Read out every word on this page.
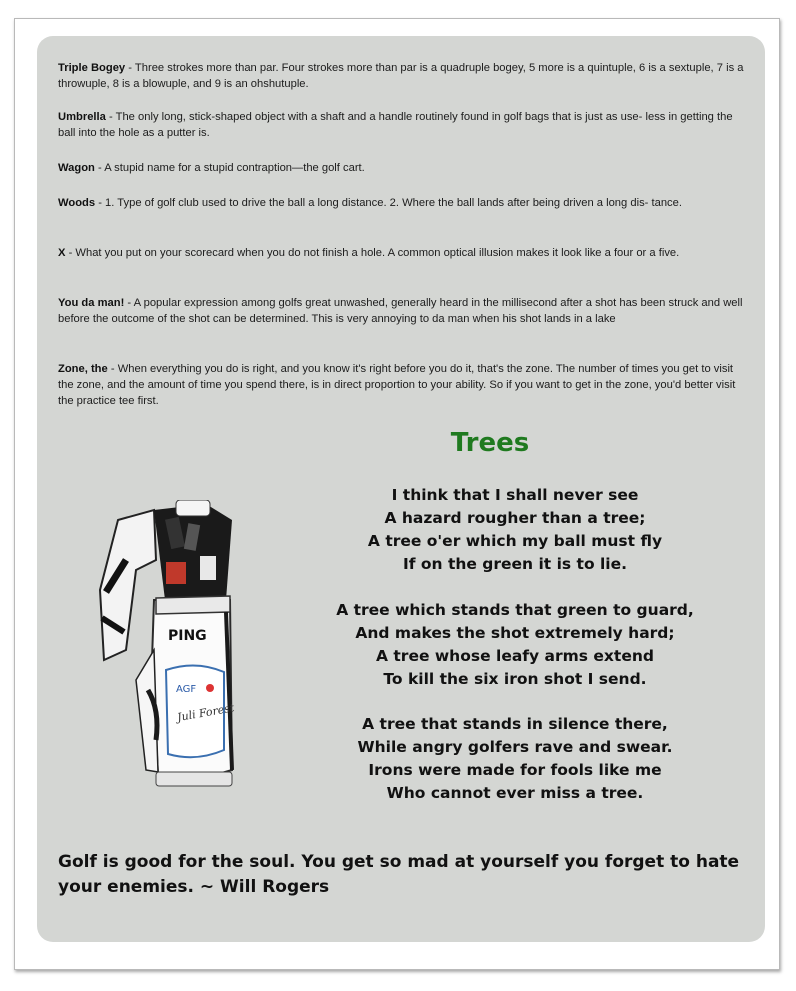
Triple Bogey - Three strokes more than par. Four strokes more than par is a quadruple bogey, 5 more is a quintuple, 6 is a sextuple, 7 is a throwuple, 8 is a blowuple, and 9 is an ohshutuple.
Umbrella - The only long, stick-shaped object with a shaft and a handle routinely found in golf bags that is just as use- less in getting the ball into the hole as a putter is.
Wagon - A stupid name for a stupid contraption—the golf cart.
Woods - 1. Type of golf club used to drive the ball a long distance. 2. Where the ball lands after being driven a long dis- tance.
X - What you put on your scorecard when you do not finish a hole. A common optical illusion makes it look like a four or a five.
You da man! - A popular expression among golfs great unwashed, generally heard in the millisecond after a shot has been struck and well before the outcome of the shot can be determined. This is very annoying to da man when his shot lands in a lake
Zone, the - When everything you do is right, and you know it's right before you do it, that's the zone. The number of times you get to visit the zone, and the amount of time you spend there, is in direct proportion to your ability. So if you want to get in the zone, you'd better visit the practice tee first.
Trees
I think that I shall never see
A hazard rougher than a tree;
A tree o'er which my ball must fly
If on the green it is to lie.
A tree which stands that green to guard,
And makes the shot extremely hard;
A tree whose leafy arms extend
To kill the six iron shot I send.
A tree that stands in silence there,
While angry golfers rave and swear.
Irons were made for fools like me
Who cannot ever miss a tree.
PING
AGF
Juli Forest
Golf is good for the soul. You get so mad at yourself you forget to hate your enemies. ~ Will Rogers
